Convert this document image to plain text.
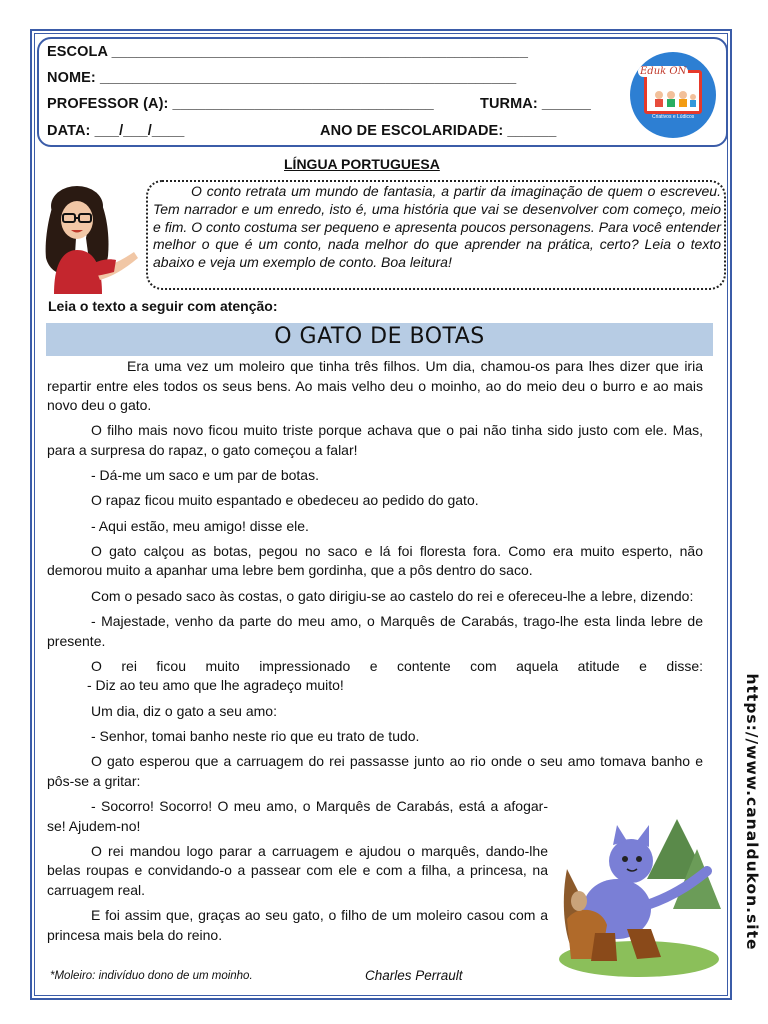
ESCOLA ___________________________________________________
NOME: ___________________________________________________
PROFESSOR (A): ________________________________	TURMA: ______
DATA: ___/___/____	ANO DE ESCOLARIDADE: ______
Eduk ON
Criativos e Lúdicos
LÍNGUA PORTUGUESA
O conto retrata um mundo de fantasia, a partir da imaginação de quem o escreveu. Tem narrador e um enredo, isto é, uma história que vai se desenvolver com começo, meio e fim. O conto costuma ser pequeno e apresenta poucos personagens. Para você entender melhor o que é um conto, nada melhor do que aprender na prática, certo? Leia o texto abaixo e veja um exemplo de conto. Boa leitura!
Leia o texto a seguir com atenção:
O GATO DE BOTAS

Era uma vez um moleiro que tinha três filhos. Um dia, chamou-os para lhes dizer que iria repartir entre eles todos os seus bens. Ao mais velho deu o moinho, ao do meio deu o burro e ao mais novo deu o gato.

O filho mais novo ficou muito triste porque achava que o pai não tinha sido justo com ele. Mas, para a surpresa do rapaz, o gato começou a falar!

- Dá-me um saco e um par de botas.

O rapaz ficou muito espantado e obedeceu ao pedido do gato.

- Aqui estão, meu amigo! disse ele.

O gato calçou as botas, pegou no saco e lá foi floresta fora. Como era muito esperto, não demorou muito a apanhar uma lebre bem gordinha, que a pôs dentro do saco.

Com o pesado saco às costas, o gato dirigiu-se ao castelo do rei e ofereceu-lhe a lebre, dizendo:

- Majestade, venho da parte do meu amo, o Marquês de Carabás, trago-lhe esta linda lebre de presente.

O rei ficou muito impressionado e contente com aquela atitude e disse:

- Diz ao teu amo que lhe agradeço muito!

Um dia, diz o gato a seu amo:

- Senhor, tomai banho neste rio que eu trato de tudo.

O gato esperou que a carruagem do rei passasse junto ao rio onde o seu amo tomava banho e pôs-se a gritar:

- Socorro! Socorro! O meu amo, o Marquês de Carabás, está a afogar-se! Ajudem-no!

O rei mandou logo parar a carruagem e ajudou o marquês, dando-lhe belas roupas e convidando-o a passear com ele e com a filha, a princesa, na carruagem real.

E foi assim que, graças ao seu gato, o filho de um moleiro casou com a princesa mais bela do reino.

*Moleiro: indivíduo dono de um moinho.	Charles Perrault
https://www.canaldukon.site
